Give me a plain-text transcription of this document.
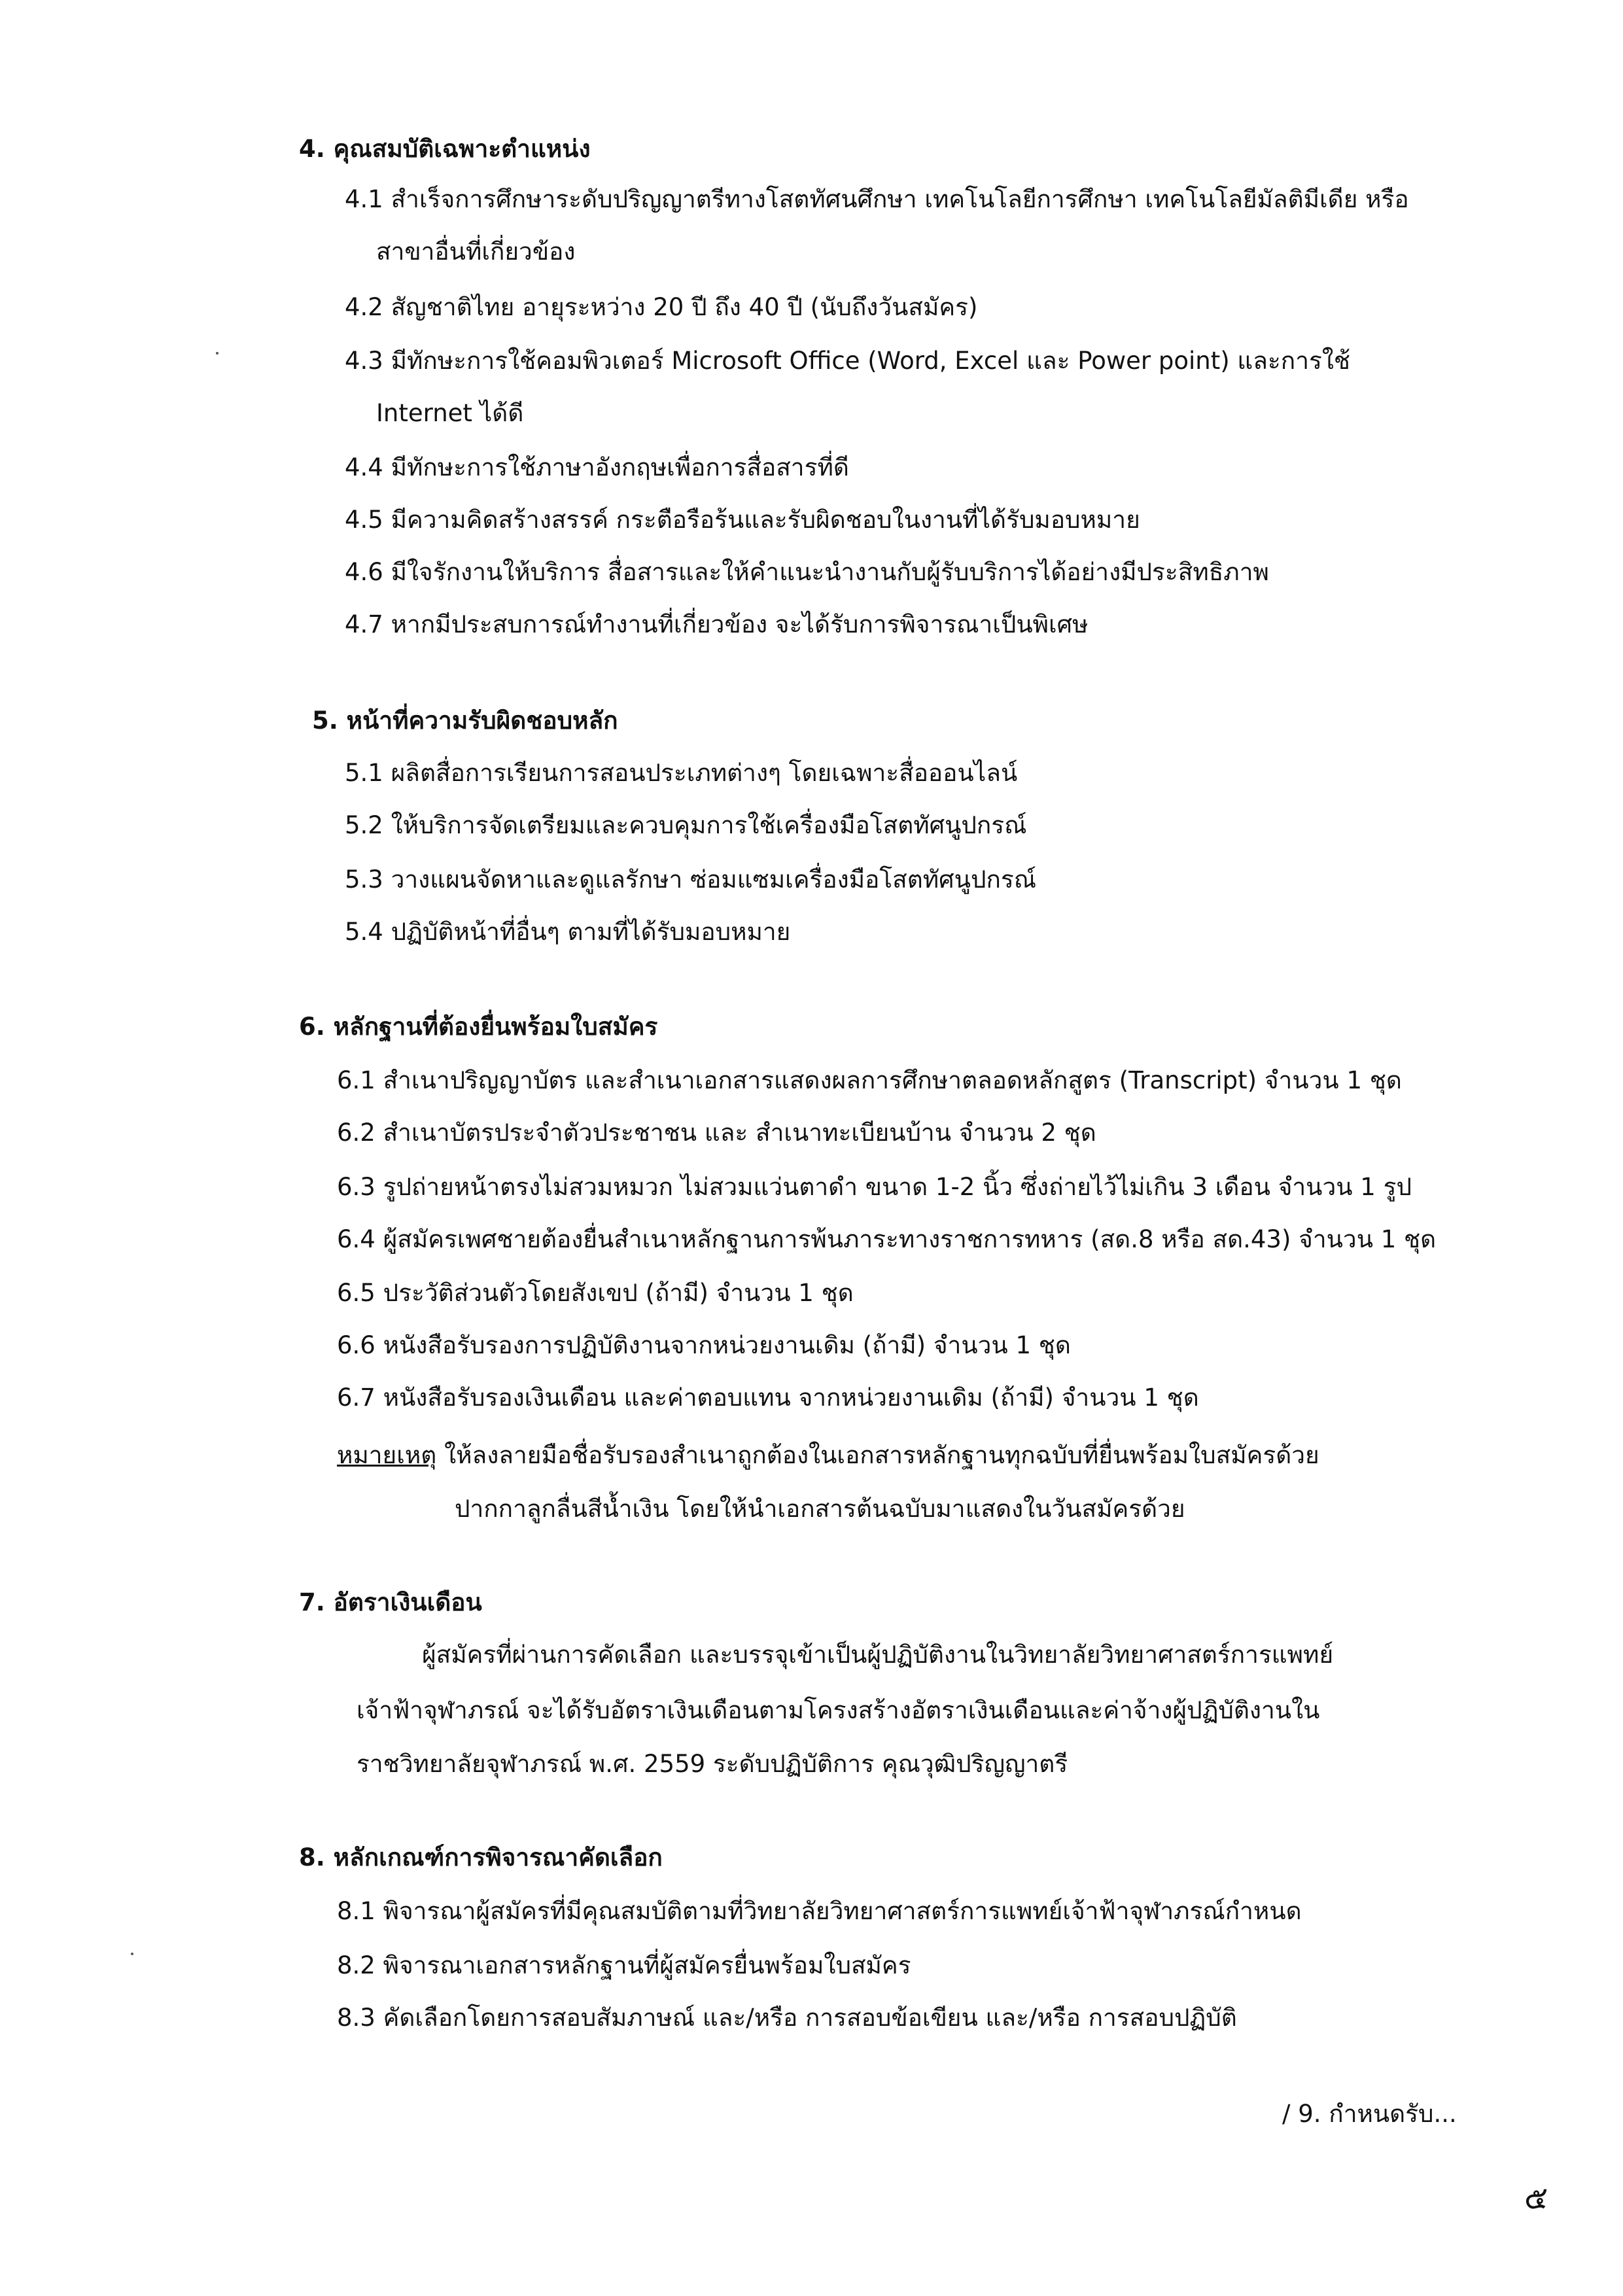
4. คุณสมบัติเฉพาะตำแหน่ง
4.1 สำเร็จการศึกษาระดับปริญญาตรีทางโสตทัศนศึกษา เทคโนโลยีการศึกษา เทคโนโลยีมัลติมีเดีย หรือ
สาขาอื่นที่เกี่ยวข้อง
4.2 สัญชาติไทย อายุระหว่าง 20 ปี ถึง 40 ปี (นับถึงวันสมัคร)
4.3 มีทักษะการใช้คอมพิวเตอร์ Microsoft Office (Word, Excel และ Power point) และการใช้
Internet ได้ดี
4.4 มีทักษะการใช้ภาษาอังกฤษเพื่อการสื่อสารที่ดี
4.5 มีความคิดสร้างสรรค์ กระตือรือร้นและรับผิดชอบในงานที่ได้รับมอบหมาย
4.6 มีใจรักงานให้บริการ สื่อสารและให้คำแนะนำงานกับผู้รับบริการได้อย่างมีประสิทธิภาพ
4.7 หากมีประสบการณ์ทำงานที่เกี่ยวข้อง จะได้รับการพิจารณาเป็นพิเศษ
5. หน้าที่ความรับผิดชอบหลัก
5.1 ผลิตสื่อการเรียนการสอนประเภทต่างๆ โดยเฉพาะสื่อออนไลน์
5.2 ให้บริการจัดเตรียมและควบคุมการใช้เครื่องมือโสตทัศนูปกรณ์
5.3 วางแผนจัดหาและดูแลรักษา ซ่อมแซมเครื่องมือโสตทัศนูปกรณ์
5.4 ปฏิบัติหน้าที่อื่นๆ ตามที่ได้รับมอบหมาย
6. หลักฐานที่ต้องยื่นพร้อมใบสมัคร
6.1 สำเนาปริญญาบัตร และสำเนาเอกสารแสดงผลการศึกษาตลอดหลักสูตร (Transcript) จำนวน 1 ชุด
6.2 สำเนาบัตรประจำตัวประชาชน และ สำเนาทะเบียนบ้าน จำนวน 2 ชุด
6.3 รูปถ่ายหน้าตรงไม่สวมหมวก ไม่สวมแว่นตาดำ ขนาด 1-2 นิ้ว ซึ่งถ่ายไว้ไม่เกิน 3 เดือน จำนวน 1 รูป
6.4 ผู้สมัครเพศชายต้องยื่นสำเนาหลักฐานการพ้นภาระทางราชการทหาร (สด.8 หรือ สด.43) จำนวน 1 ชุด
6.5 ประวัติส่วนตัวโดยสังเขป (ถ้ามี) จำนวน 1 ชุด
6.6 หนังสือรับรองการปฏิบัติงานจากหน่วยงานเดิม (ถ้ามี) จำนวน 1 ชุด
6.7 หนังสือรับรองเงินเดือน และค่าตอบแทน จากหน่วยงานเดิม (ถ้ามี) จำนวน 1 ชุด
หมายเหตุ ให้ลงลายมือชื่อรับรองสำเนาถูกต้องในเอกสารหลักฐานทุกฉบับที่ยื่นพร้อมใบสมัครด้วย
ปากกาลูกลื่นสีน้ำเงิน โดยให้นำเอกสารต้นฉบับมาแสดงในวันสมัครด้วย
7. อัตราเงินเดือน
ผู้สมัครที่ผ่านการคัดเลือก และบรรจุเข้าเป็นผู้ปฏิบัติงานในวิทยาลัยวิทยาศาสตร์การแพทย์
เจ้าฟ้าจุฬาภรณ์ จะได้รับอัตราเงินเดือนตามโครงสร้างอัตราเงินเดือนและค่าจ้างผู้ปฏิบัติงานใน
ราชวิทยาลัยจุฬาภรณ์ พ.ศ. 2559 ระดับปฏิบัติการ คุณวุฒิปริญญาตรี
8. หลักเกณฑ์การพิจารณาคัดเลือก
8.1 พิจารณาผู้สมัครที่มีคุณสมบัติตามที่วิทยาลัยวิทยาศาสตร์การแพทย์เจ้าฟ้าจุฬาภรณ์กำหนด
8.2 พิจารณาเอกสารหลักฐานที่ผู้สมัครยื่นพร้อมใบสมัคร
8.3 คัดเลือกโดยการสอบสัมภาษณ์ และ/หรือ การสอบข้อเขียน และ/หรือ การสอบปฏิบัติ
/ 9. กำหนดรับ...
๕
